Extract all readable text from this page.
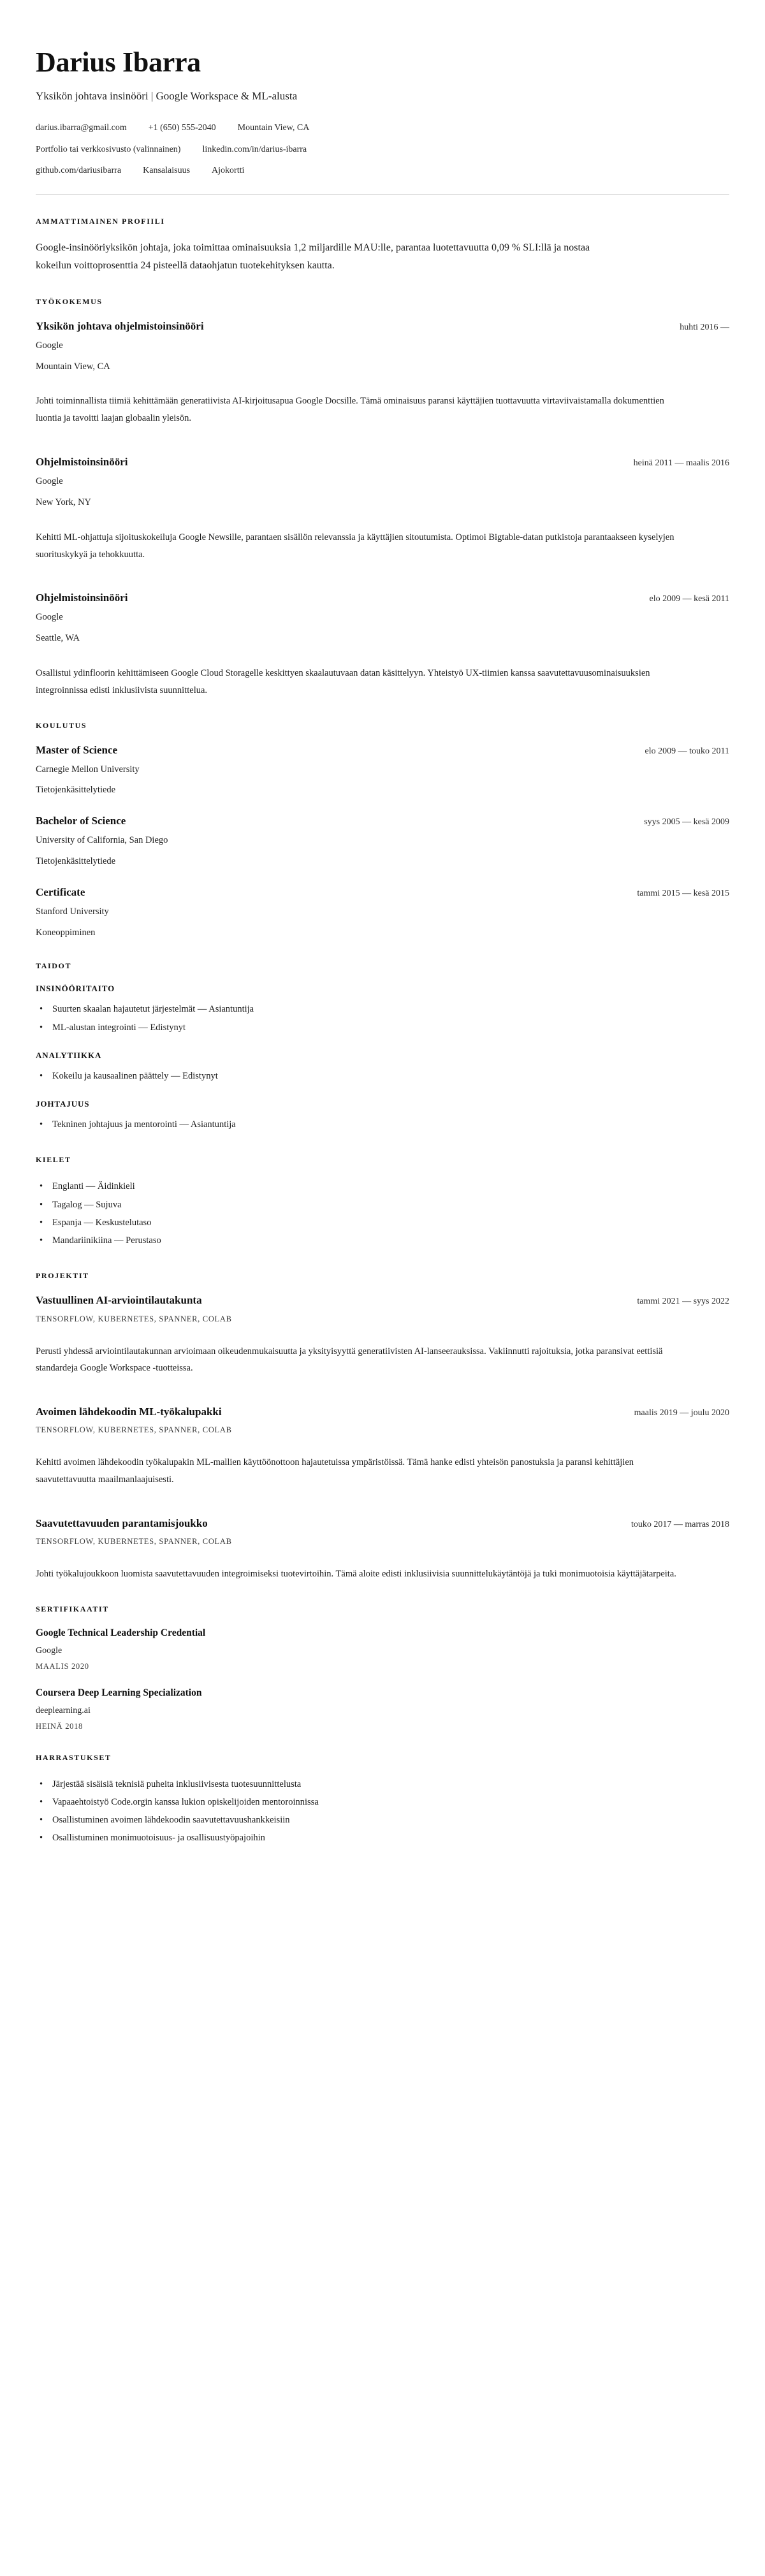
Darius Ibarra
Yksikön johtava insinööri | Google Workspace & ML-alusta
darius.ibarra@gmail.com +1 (650) 555-2040 Mountain View, CA
Portfolio tai verkkosivusto (valinnainen) linkedin.com/in/darius-ibarra
github.com/dariusibarra Kansalaisuus Ajokortti
AMMATTIMAINEN PROFIILI

Google-insinööriyksikön johtaja, joka toimittaa ominaisuuksia 1,2 miljardille MAU:lle, parantaa luotettavuutta 0,09 % SLI:llä ja nostaa kokeilun voittoprosenttia 24 pisteellä dataohjatun tuotekehityksen kautta.

TYÖKOKEMUS
Yksikön johtava ohjelmistoinsinööri	huhti 2016 —
Google
Mountain View, CA
Johti toiminnallista tiimiä kehittämään generatiivista AI-kirjoitusapua Google Docsille. Tämä ominaisuus paransi käyttäjien tuottavuutta virtaviivaistamalla dokumenttien luontia ja tavoitti laajan globaalin yleisön.
Ohjelmistoinsinööri	heinä 2011 — maalis 2016
Google
New York, NY
Kehitti ML-ohjattuja sijoituskokeiluja Google Newsille, parantaen sisällön relevanssia ja käyttäjien sitoutumista. Optimoi Bigtable-datan putkistoja parantaakseen kyselyjen suorituskykyä ja tehokkuutta.
Ohjelmistoinsinööri	elo 2009 — kesä 2011
Google
Seattle, WA
Osallistui ydinfloorin kehittämiseen Google Cloud Storagelle keskittyen skaalautuvaan datan käsittelyyn. Yhteistyö UX-tiimien kanssa saavutettavuusominaisuuksien integroinnissa edisti inklusiivista suunnittelua.
KOULUTUS
Master of Science	elo 2009 — touko 2011
Carnegie Mellon University
Tietojenkäsittelytiede
Bachelor of Science	syys 2005 — kesä 2009
University of California, San Diego
Tietojenkäsittelytiede
Certificate	tammi 2015 — kesä 2015
Stanford University
Koneoppiminen
TAIDOT
INSINÖÖRITAITO
• Suurten skaalan hajautetut järjestelmät — Asiantuntija
• ML-alustan integrointi — Edistynyt
ANALYTIIKKA
• Kokeilu ja kausaalinen päättely — Edistynyt
JOHTAJUUS
• Tekninen johtajuus ja mentorointi — Asiantuntija
KIELET
• Englanti — Äidinkieli
• Tagalog — Sujuva
• Espanja — Keskustelutaso
• Mandariinikiina — Perustaso
PROJEKTIT
Vastuullinen AI-arviointilautakunta	tammi 2021 — syys 2022
TENSORFLOW, KUBERNETES, SPANNER, COLAB
Perusti yhdessä arviointilautakunnan arvioimaan oikeudenmukaisuutta ja yksityisyyttä generatiivisten AI-lanseerauksissa. Vakiinnutti rajoituksia, jotka paransivat eettisiä standardeja Google Workspace -tuotteissa.
Avoimen lähdekoodin ML-työkalupakki	maalis 2019 — joulu 2020
TENSORFLOW, KUBERNETES, SPANNER, COLAB
Kehitti avoimen lähdekoodin työkalupakin ML-mallien käyttöönottoon hajautetuissa ympäristöissä. Tämä hanke edisti yhteisön panostuksia ja paransi kehittäjien saavutettavuutta maailmanlaajuisesti.
Saavutettavuuden parantamisjoukko	touko 2017 — marras 2018
TENSORFLOW, KUBERNETES, SPANNER, COLAB
Johti työkalujoukkoon luomista saavutettavuuden integroimiseksi tuotevirtoihin. Tämä aloite edisti inklusiivisia suunnittelukäytäntöjä ja tuki monimuotoisia käyttäjätarpeita.
SERTIFIKAATIT
Google Technical Leadership Credential
Google
MAALIS 2020
Coursera Deep Learning Specialization
deeplearning.ai
HEINÄ 2018
HARRASTUKSET
• Järjestää sisäisiä teknisiä puheita inklusiivisesta tuotesuunnittelusta
• Vapaaehtoistyö Code.orgin kanssa lukion opiskelijoiden mentoroinnissa
• Osallistuminen avoimen lähdekoodin saavutettavuushankkeisiin
• Osallistuminen monimuotoisuus- ja osallisuustyöpajoihin
